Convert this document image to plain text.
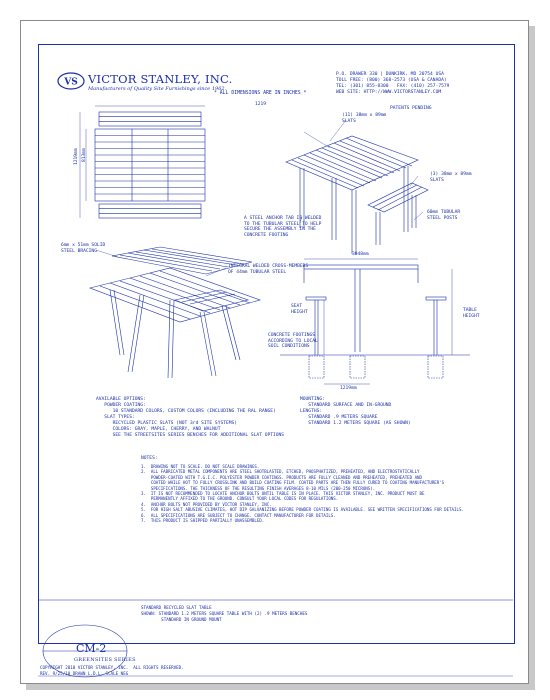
VS VICTOR STANLEY, INC.
Manufacturers of Quality Site Furnishings since 1962.
* ALL DIMENSIONS ARE IN INCHES *
P.O. DRAWER 330 | DUNKIRK, MD 20754 USA
TOLL FREE: (800) 368-2573 (USA & CANADA)
TEL: (301) 855-8300   FAX: (410) 257-7579
WEB SITE: HTTP://WWW.VICTORSTANLEY.COM
PATENTS PENDING
(11) 38mm x 89mm
SLATS
(3) 38mm x 89mm
SLATS
60mm TUBULAR
STEEL POSTS
A STEEL ANCHOR TAB IS WELDED
TO THE TUBULAR STEEL TO HELP
SECURE THE ASSEMBLY IN THE
CONCRETE FOOTING
6mm x 51mm SOLID
STEEL BRACING
INTEGRAL WELDED CROSS-MEMBERS
OF 44mm TUBULAR STEEL
SEAT
HEIGHT	TABLE
HEIGHT
CONCRETE FOOTINGS
ACCORDING TO LOCAL
SOIL CONDITIONS
1219
1219mm 813mm
3048mm
1219mm
AVAILABLE OPTIONS:
POWDER COATING:
10 STANDARD COLORS, CUSTOM COLORS (INCLUDING THE RAL RANGE)
SLAT TYPES:
RECYCLED PLASTIC SLATS (NOT 3rd SITE SYSTEMS)
COLORS: GRAY, MAPLE, CHERRY, AND WALNUT
SEE THE STREETSITES SERIES BENCHES FOR ADDITIONAL SLAT OPTIONS
MOUNTING:
STANDARD SURFACE AND IN-GROUND
LENGTHS:
STANDARD .9 METERS SQUARE
STANDARD 1.2 METERS SQUARE (AS SHOWN)
NOTES:
1.  DRAWING NOT TO SCALE. DO NOT SCALE DRAWINGS.
2.  ALL FABRICATED METAL COMPONENTS ARE STEEL SHOTBLASTED, ETCHED, PHOSPHATIZED, PREHEATED, AND ELECTROSTATICALLY
POWDER-COATED WITH T.G.I.C. POLYESTER POWDER COATINGS. PRODUCTS ARE FULLY CLEANED AND PREHEATED, PREHEATED AND
COATED WHILE HOT TO FULLY CROSSLINK AND BUILD COATING FILM. COATED PARTS ARE THEN FULLY CURED TO COATING MANUFACTURER'S
SPECIFICATIONS. THE THICKNESS OF THE RESULTING FINISH AVERAGES 8-10 MILS (200-250 MICRONS).
3.  IT IS NOT RECOMMENDED TO LOCATE ANCHOR BOLTS UNTIL TABLE IS IN PLACE. THIS VICTOR STANLEY, INC. PRODUCT MUST BE
PERMANENTLY AFFIXED TO THE GROUND. CONSULT YOUR LOCAL CODES FOR REGULATIONS.
4.  ANCHOR BOLTS NOT PROVIDED BY VICTOR STANLEY, INC.
5.  FOR HIGH SALT ABUSIVE CLIMATES, HOT DIP GALVANIZING BEFORE POWDER COATING IS AVAILABLE. SEE WRITTEN SPECIFICATIONS FOR DETAILS.
6.  ALL SPECIFICATIONS ARE SUBJECT TO CHANGE. CONTACT MANUFACTURER FOR DETAILS.
7.  THIS PRODUCT IS SHIPPED PARTIALLY UNASSEMBLED.
CM-2
GREENSITES SERIES
STANDARD RECYCLED SLAT TABLE
SHOWN: STANDARD 1.2 METERS SQUARE TABLE WITH (2) .9 METERS BENCHES
STANDARD IN GROUND MOUNT
COPYRIGHT 2010 VICTOR STANLEY, INC.  ALL RIGHTS RESERVED.
REV. 9/25/10 DRAWN L.D.L. SCALE NEG
